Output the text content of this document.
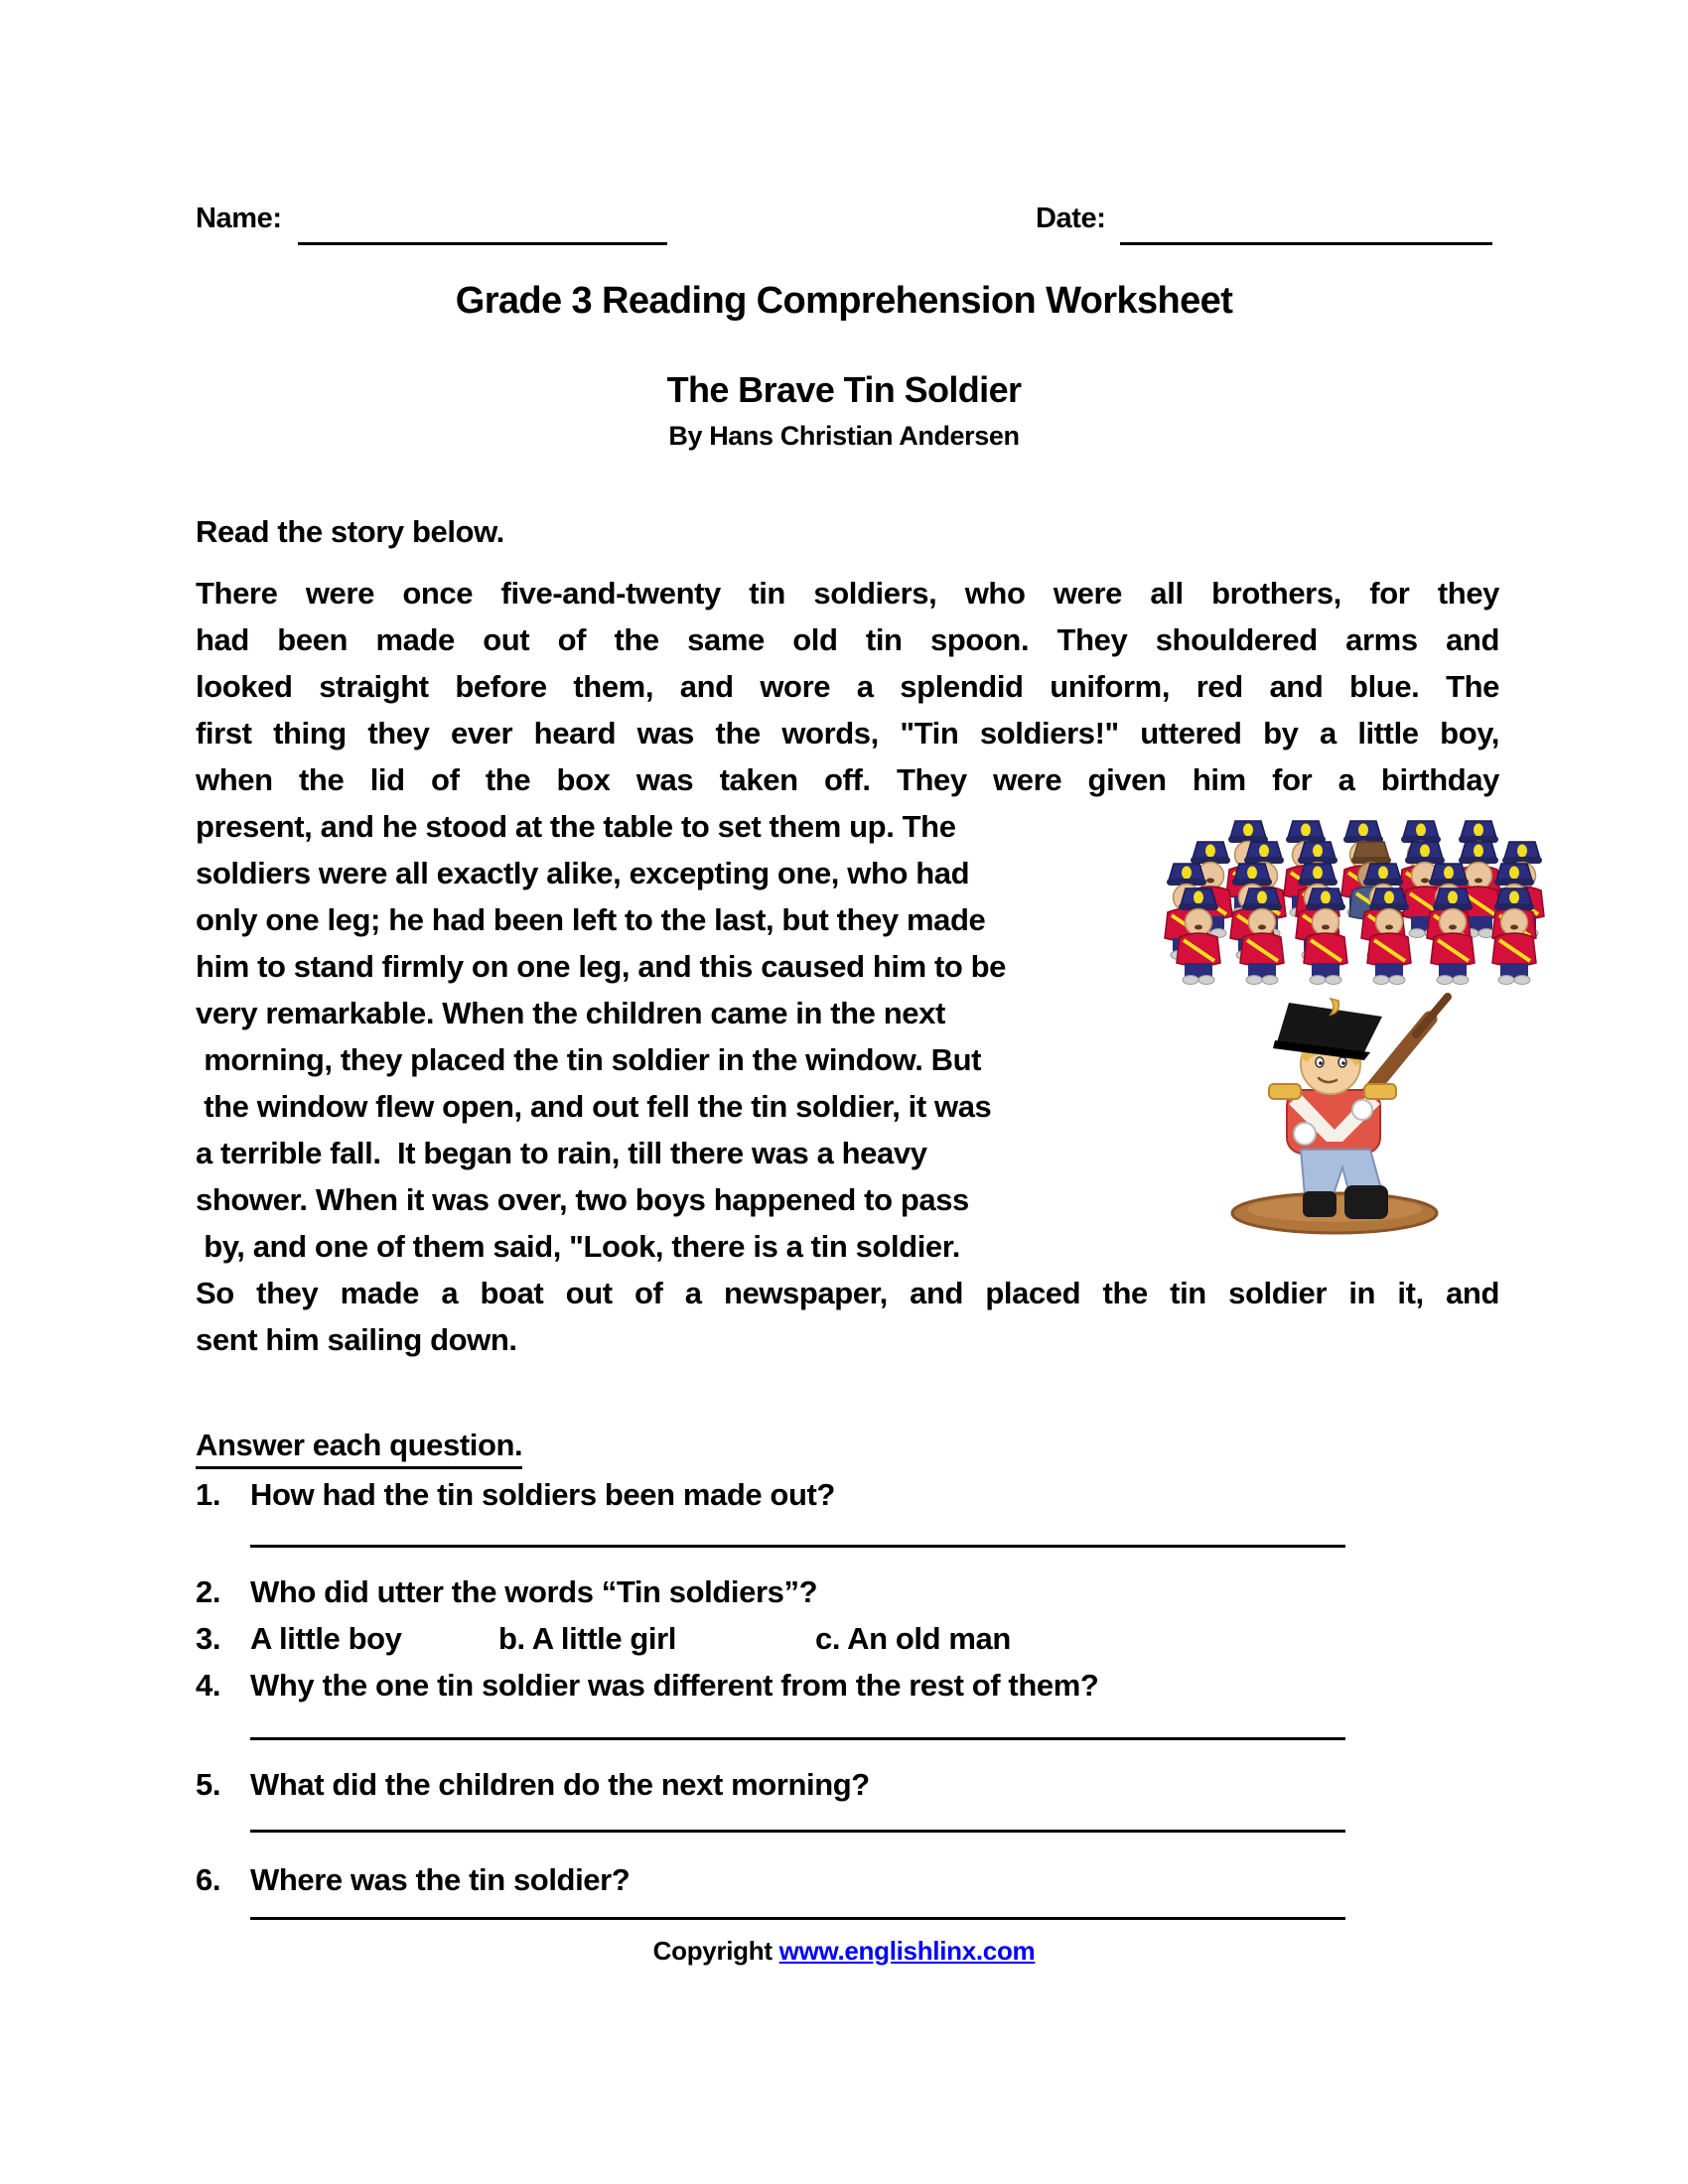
Name:	Date:
Grade 3 Reading Comprehension Worksheet
The Brave Tin Soldier
By Hans Christian Andersen
Read the story below.
There were once five-and-twenty tin soldiers, who were all brothers, for they
had been made out of the same old tin spoon. They shouldered arms and
looked straight before them, and wore a splendid uniform, red and blue. The
first thing they ever heard was the words, "Tin soldiers!" uttered by a little boy,
when the lid of the box was taken off. They were given him for a birthday
present, and he stood at the table to set them up. The
soldiers were all exactly alike, excepting one, who had
only one leg; he had been left to the last, but they made
him to stand firmly on one leg, and this caused him to be
very remarkable. When the children came in the next
morning, they placed the tin soldier in the window. But
the window flew open, and out fell the tin soldier, it was
a terrible fall.  It began to rain, till there was a heavy
shower. When it was over, two boys happened to pass
by, and one of them said, "Look, there is a tin soldier.
So they made a boat out of a newspaper, and placed the tin soldier in it, and
sent him sailing down.
Answer each question.
1. How had the tin soldiers been made out?
2. Who did utter the words “Tin soldiers”?
3. A little boy	b. A little girl	c. An old man
4. Why the one tin soldier was different from the rest of them?
5. What did the children do the next morning?
6. Where was the tin soldier?
Copyright www.englishlinx.com
